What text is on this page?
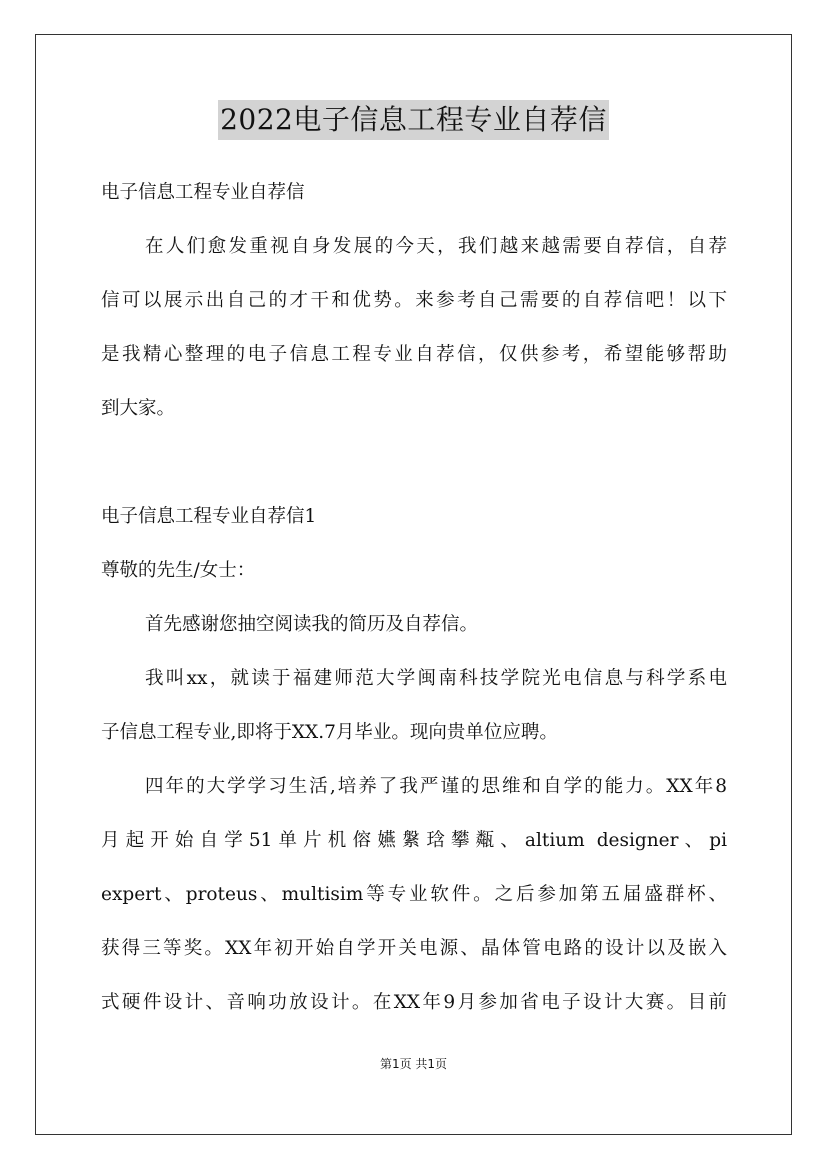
2022电子信息工程专业自荐信
电子信息工程专业自荐信
在人们愈发重视自身发展的今天，我们越来越需要自荐信，自荐
信可以展示出自己的才干和优势。来参考自己需要的自荐信吧！以下
是我精心整理的电子信息工程专业自荐信，仅供参考，希望能够帮助
到大家。
电子信息工程专业自荐信1
尊敬的先生/女士：
首先感谢您抽空阅读我的简历及自荐信。
我叫xx，就读于福建师范大学闽南科技学院光电信息与科学系电
子信息工程专业,即将于XX.7月毕业。现向贵单位应聘。
四年的大学学习生活,培养了我严谨的思维和自学的能力。XX年8
月起开始自学51单片机傛嬿縏琀攀甐、altium designer、pi
expert、proteus、multisim等专业软件。之后参加第五届盛群杯、
获得三等奖。XX年初开始自学开关电源、晶体管电路的设计以及嵌入
式硬件设计、音响功放设计。在XX年9月参加省电子设计大赛。目前
第1页 共1页
